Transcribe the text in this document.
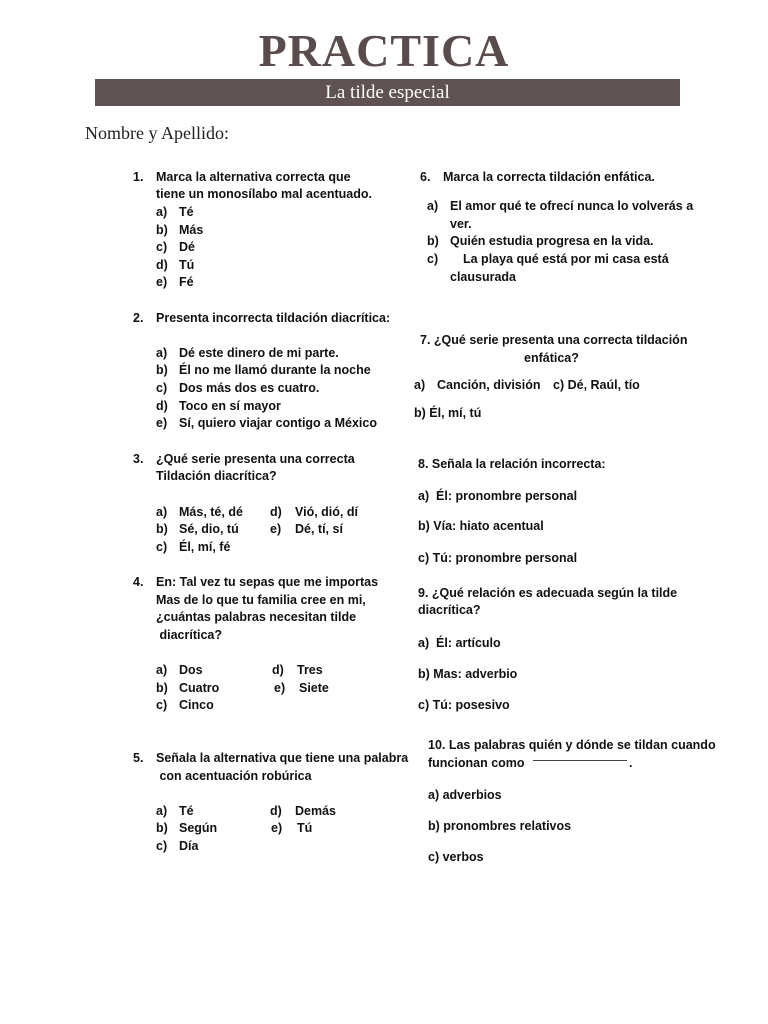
PRACTICA
La tilde especial
Nombre y Apellido:
1. Marca la alternativa correcta que
tiene un monosílabo mal acentuado.
a) Té
b) Más
c) Dé
d) Tú
e) Fé
2. Presenta incorrecta tildación diacrítica:
a) Dé este dinero de mi parte.
b) Él no me llamó durante la noche
c) Dos más dos es cuatro.
d) Toco en sí mayor
e) Sí, quiero viajar contigo a México
3. ¿Qué serie presenta una correcta
Tildación diacrítica?
a) Más, té, dé d) Vió, dió, dí
b) Sé, dio, tú	e) Dé, tí, sí
c) Él, mí, fé
4. En: Tal vez tu sepas que me importas
Mas de lo que tu familia cree en mi,
¿cuántas palabras necesitan tilde
diacrítica?
a) Dos	d) Tres
b) Cuatro	e) Siete
c) Cinco
5. Señala la alternativa que tiene una palabra
con acentuación robúrica
a) Té	d) Demás
b) Según	e) Tú
c) Día
6. Marca la correcta tildación enfática.
a) El amor qué te ofrecí nunca lo volverás a
ver.
b) Quién estudia progresa en la vida.
c) La playa qué está por mi casa está
clausurada
7. ¿Qué serie presenta una correcta tildación
enfática?
a) Canción, división c) Dé, Raúl, tío
b) Él, mí, tú
8. Señala la relación incorrecta:
a)  Él: pronombre personal
b) Vía: hiato acentual
c) Tú: pronombre personal
9. ¿Qué relación es adecuada según la tilde
diacrítica?
a)  Él: artículo
b) Mas: adverbio
c) Tú: posesivo
10. Las palabras quién y dónde se tildan cuando
funcionan como	.
a) adverbios
b) pronombres relativos
c) verbos
